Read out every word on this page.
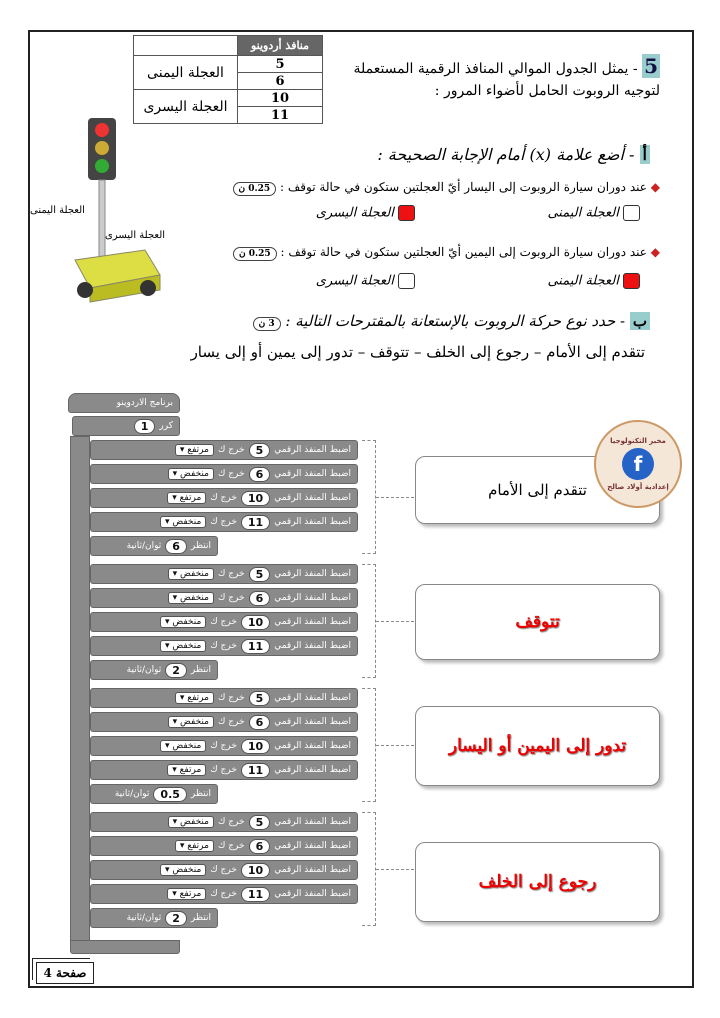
	منافذ أردوينو
العجلة اليمنى	5
	6
العجلة اليسرى	10
	11
5 - يمثل الجدول الموالي المنافذ الرقمية المستعملة لتوجيه الروبوت الحامل لأضواء المرور :
العجلة اليمنى
العجلة اليسرى
أ - أضع علامة (x) أمام الإجابة الصحيحة :
◆ عند دوران سيارة الروبوت إلى اليسار أيّ العجلتين ستكون في حالة توقف : 0.25 ن
العجلة اليمنى
العجلة اليسرى
◆ عند دوران سيارة الروبوت إلى اليمين أيّ العجلتين ستكون في حالة توقف : 0.25 ن
العجلة اليمنى
العجلة اليسرى
ب - حدد نوع حركة الروبوت بالإستعانة بالمقترحات التالية : 3 ن
تتقدم إلى الأمام – رجوع إلى الخلف – تتوقف – تدور إلى يمين أو إلى يسار
برنامج الاردوينو
كرر
1
اضبط المنفذ الرقمي
5
خرج ك
مرتفع ▾
اضبط المنفذ الرقمي
6
خرج ك
منخفض ▾
اضبط المنفذ الرقمي
10
خرج ك
مرتفع ▾
اضبط المنفذ الرقمي
11
خرج ك
منخفض ▾
انتظر
6
ثوان/ثانية
اضبط المنفذ الرقمي
5
خرج ك
منخفض ▾
اضبط المنفذ الرقمي
6
خرج ك
منخفض ▾
اضبط المنفذ الرقمي
10
خرج ك
منخفض ▾
اضبط المنفذ الرقمي
11
خرج ك
منخفض ▾
انتظر
2
ثوان/ثانية
اضبط المنفذ الرقمي
5
خرج ك
مرتفع ▾
اضبط المنفذ الرقمي
6
خرج ك
منخفض ▾
اضبط المنفذ الرقمي
10
خرج ك
منخفض ▾
اضبط المنفذ الرقمي
11
خرج ك
مرتفع ▾
انتظر
0.5
ثوان/ثانية
اضبط المنفذ الرقمي
5
خرج ك
منخفض ▾
اضبط المنفذ الرقمي
6
خرج ك
مرتفع ▾
اضبط المنفذ الرقمي
10
خرج ك
منخفض ▾
اضبط المنفذ الرقمي
11
خرج ك
مرتفع ▾
انتظر
2
ثوان/ثانية
تتقدم إلى الأمام
تتوقف
تدور إلى اليمين أو اليسار
رجوع إلى الخلف
مخبر التكنولوجيا
f
إعدادية أولاد صالح
صفحة 4
